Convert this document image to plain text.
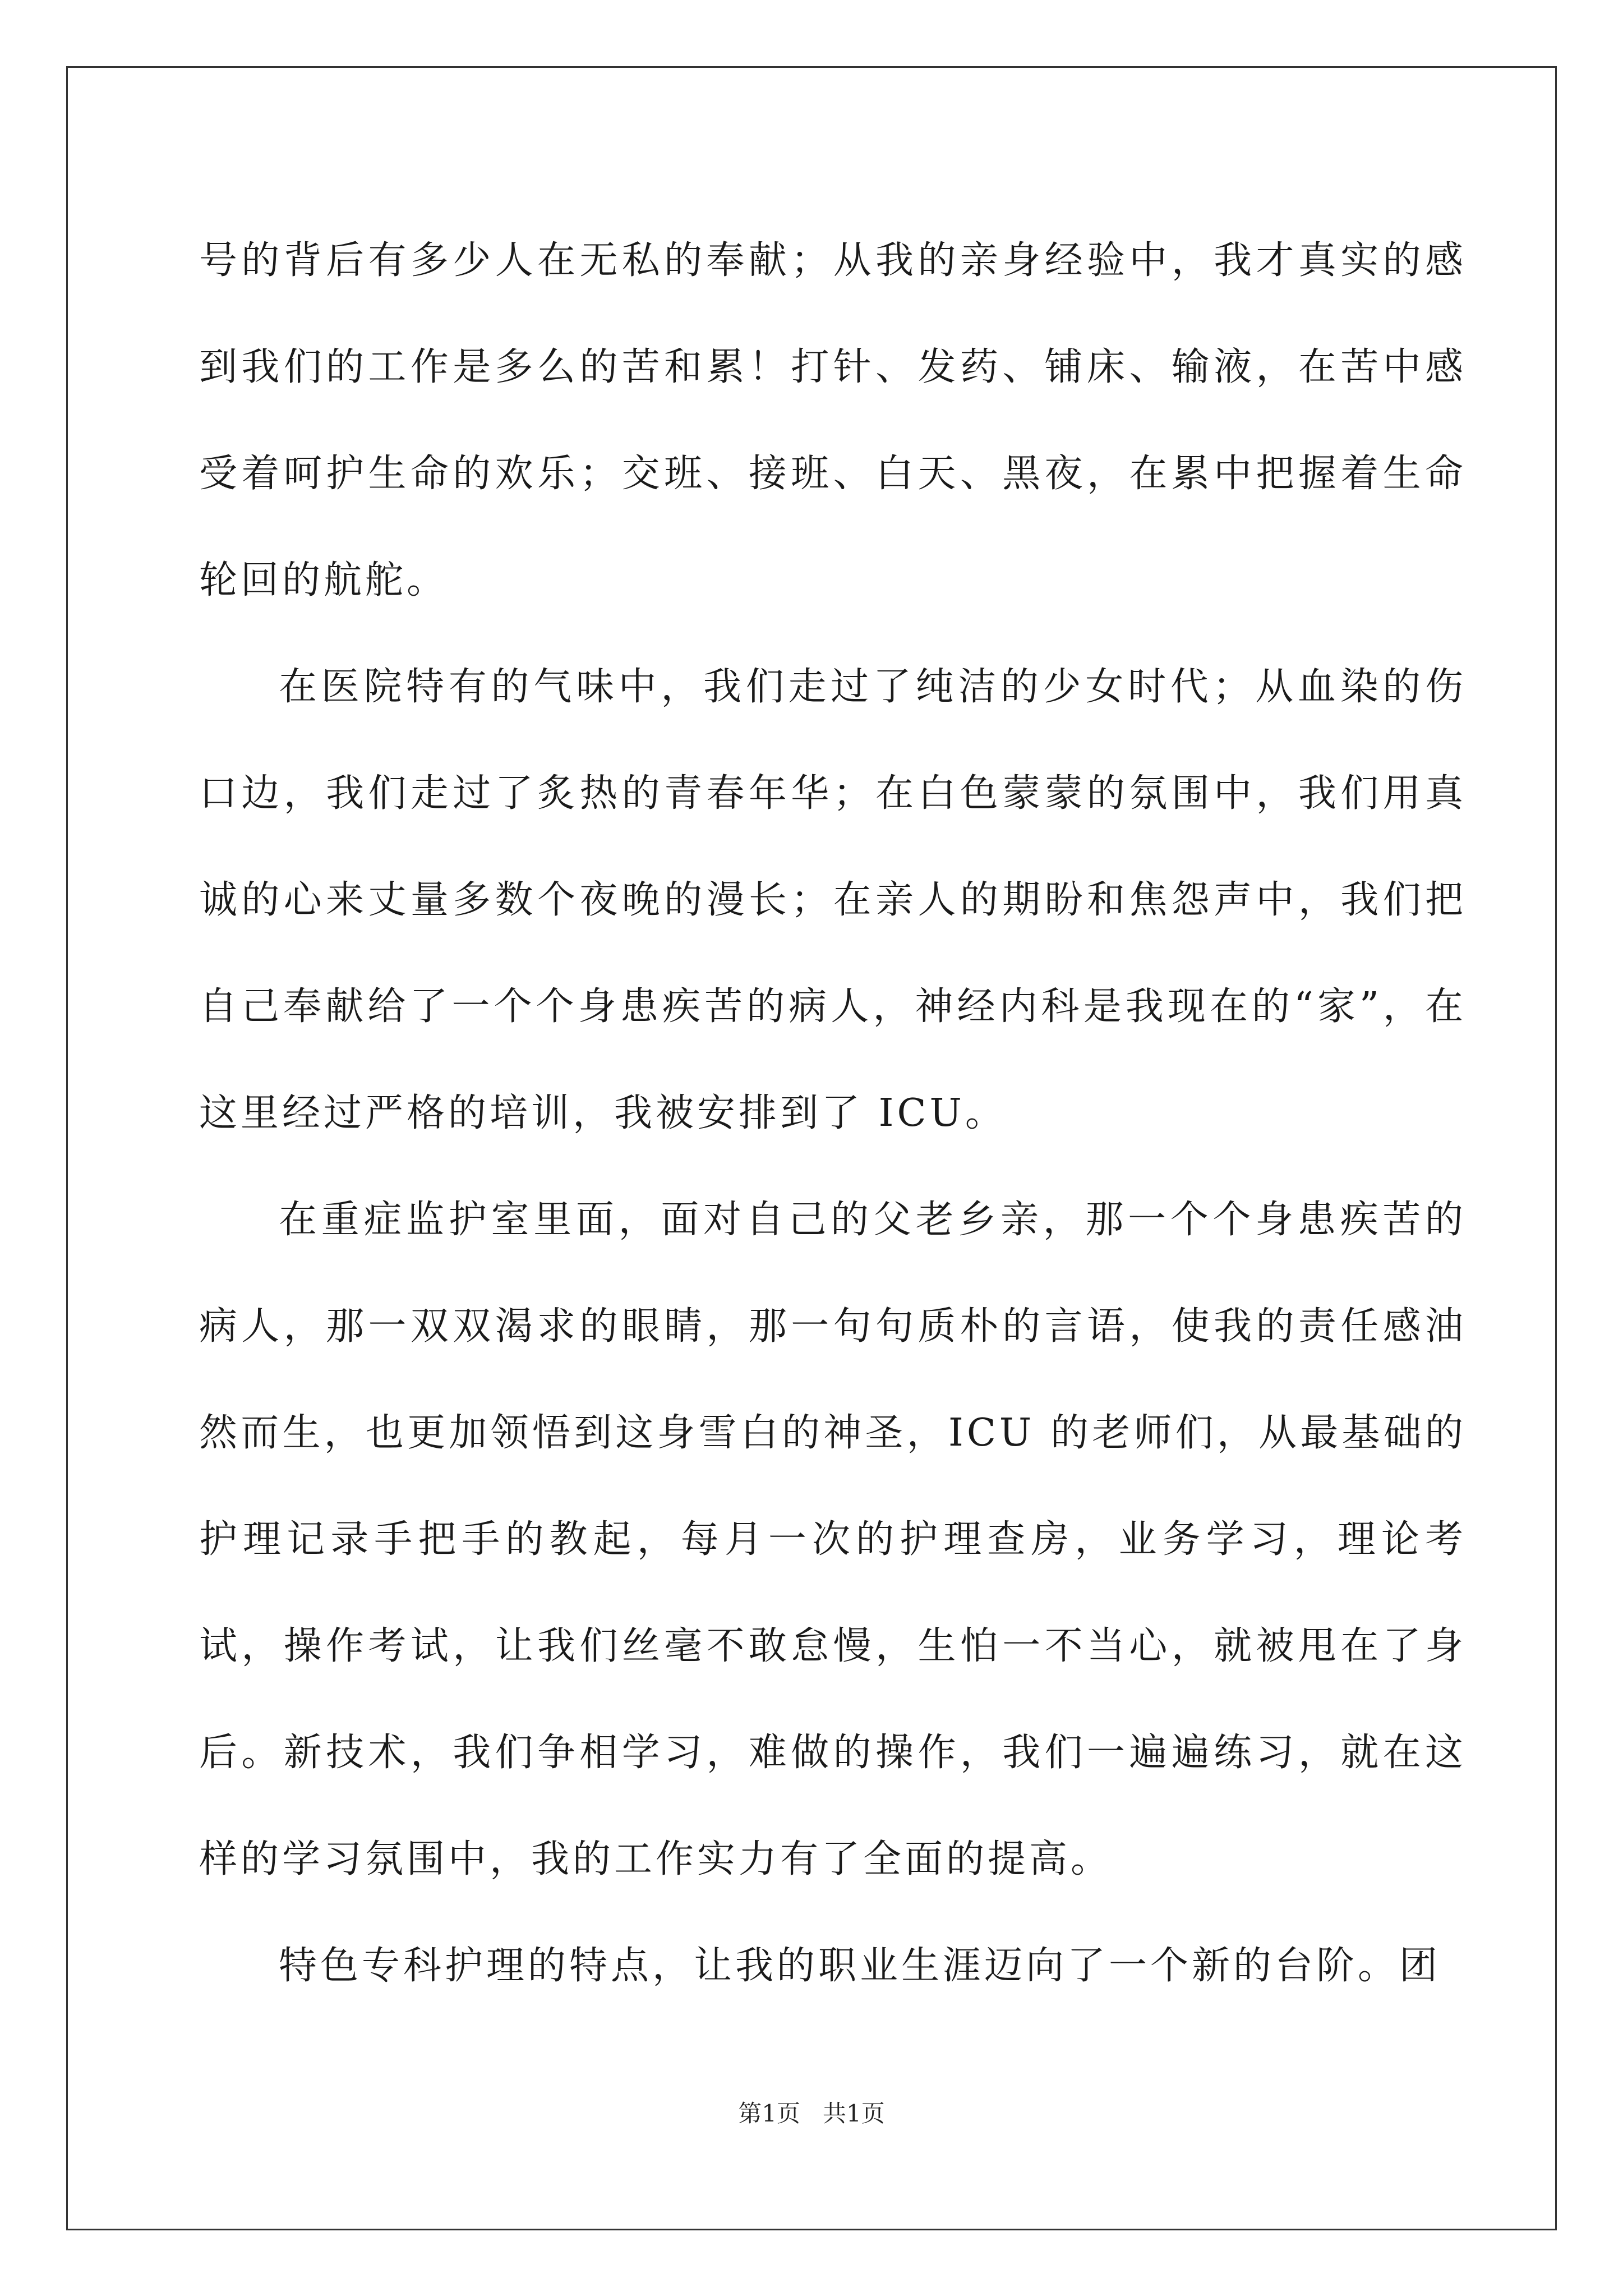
号的背后有多少人在无私的奉献；从我的亲身经验中，我才真实的感到我们的工作是多么的苦和累！打针、发药、铺床、输液，在苦中感受着呵护生命的欢乐；交班、接班、白天、黑夜，在累中把握着生命轮回的航舵。

在医院特有的气味中，我们走过了纯洁的少女时代；从血染的伤口边，我们走过了炙热的青春年华；在白色蒙蒙的氛围中，我们用真诚的心来丈量多数个夜晚的漫长；在亲人的期盼和焦怨声中，我们把自己奉献给了一个个身患疾苦的病人，神经内科是我现在的“家”，在这里经过严格的培训，我被安排到了 ICU。

在重症监护室里面，面对自己的父老乡亲，那一个个身患疾苦的病人，那一双双渴求的眼睛，那一句句质朴的言语，使我的责任感油然而生，也更加领悟到这身雪白的神圣，ICU 的老师们，从最基础的护理记录手把手的教起，每月一次的护理查房，业务学习，理论考试，操作考试，让我们丝毫不敢怠慢，生怕一不当心，就被甩在了身后。新技术，我们争相学习，难做的操作，我们一遍遍练习，就在这样的学习氛围中，我的工作实力有了全面的提高。

特色专科护理的特点，让我的职业生涯迈向了一个新的台阶。团

第1页 共1页
